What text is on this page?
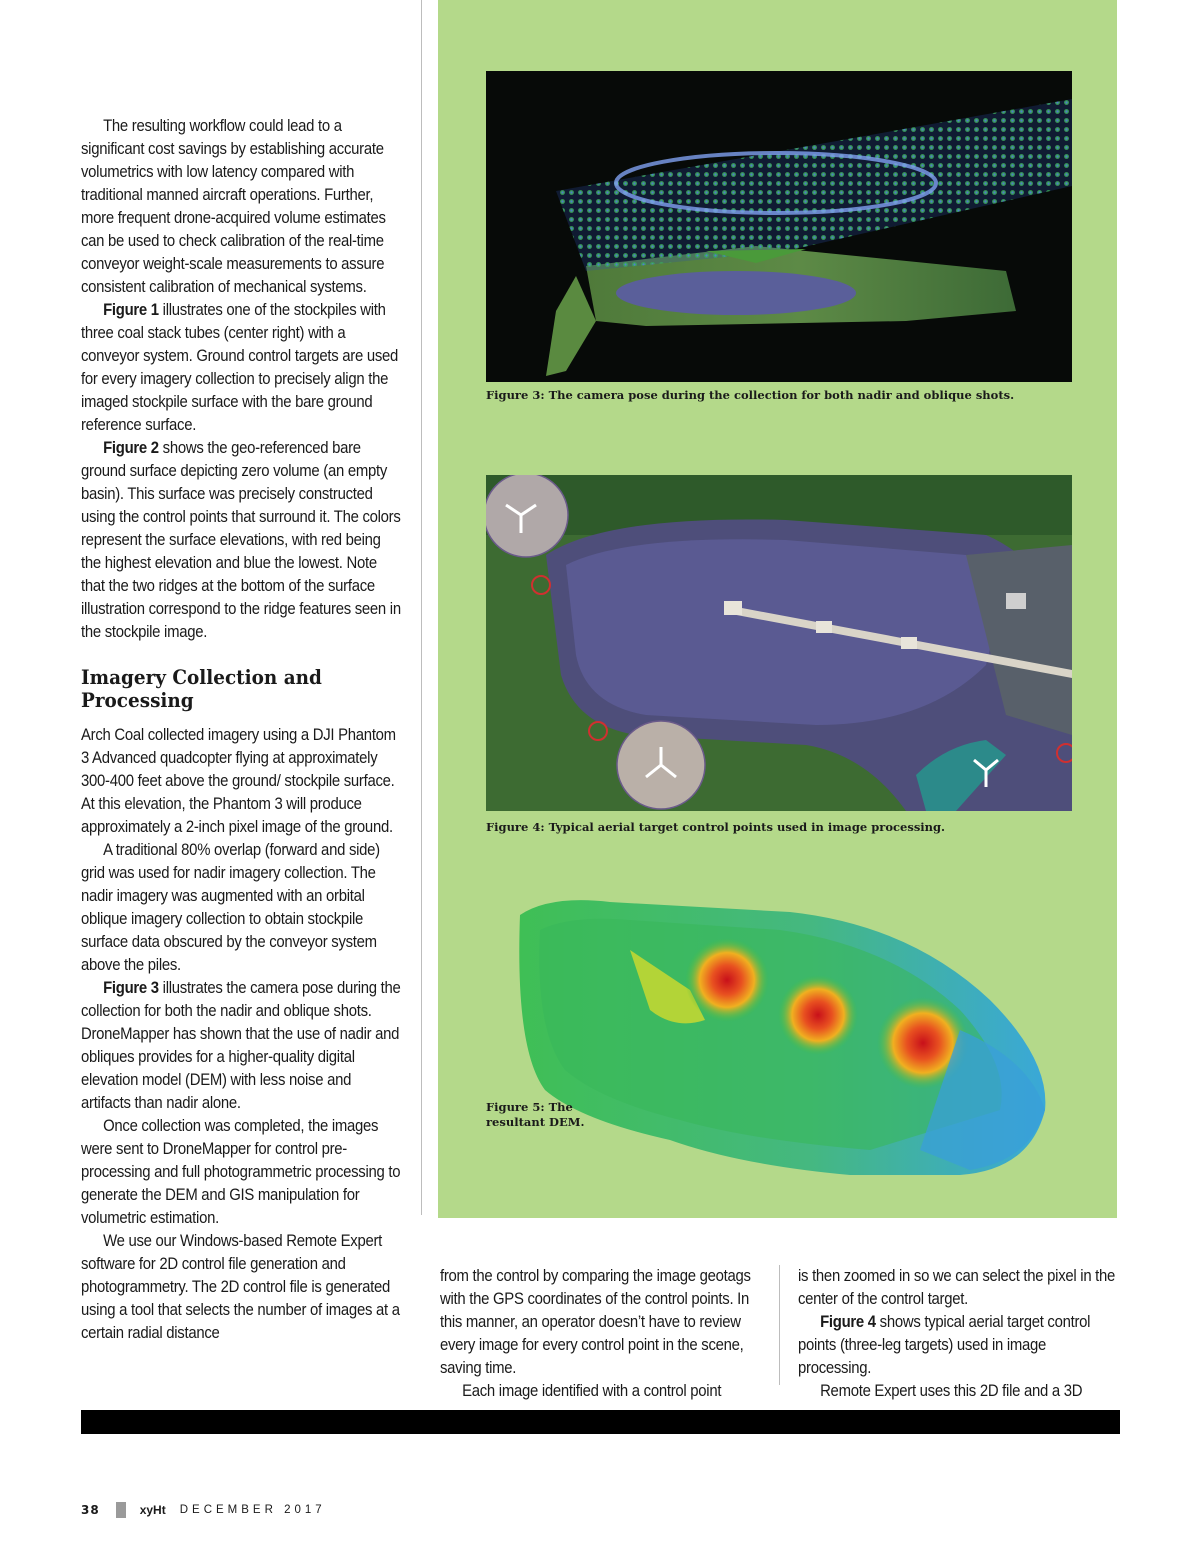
The resulting workflow could lead to a significant cost savings by establishing accurate volumetrics with low latency compared with traditional manned aircraft operations. Further, more frequent drone-acquired volume estimates can be used to check calibration of the real-time conveyor weight-scale measurements to assure consistent calibration of mechanical systems.

Figure 1 illustrates one of the stockpiles with three coal stack tubes (center right) with a conveyor system. Ground control targets are used for every imagery collection to precisely align the imaged stockpile surface with the bare ground reference surface.

Figure 2 shows the geo-referenced bare ground surface depicting zero volume (an empty basin). This surface was precisely constructed using the control points that surround it. The colors represent the surface elevations, with red being the highest elevation and blue the lowest. Note that the two ridges at the bottom of the surface illustration correspond to the ridge features seen in the stockpile image.

Imagery Collection and Processing

Arch Coal collected imagery using a DJI Phantom 3 Advanced quadcopter flying at approximately 300-400 feet above the ground/ stockpile surface. At this elevation, the Phantom 3 will produce approximately a 2-inch pixel image of the ground.

A traditional 80% overlap (forward and side) grid was used for nadir imagery collection. The nadir imagery was augmented with an orbital oblique imagery collection to obtain stockpile surface data obscured by the conveyor system above the piles.

Figure 3 illustrates the camera pose during the collection for both the nadir and oblique shots. DroneMapper has shown that the use of nadir and obliques provides for a higher-quality digital elevation model (DEM) with less noise and artifacts than nadir alone.

Once collection was completed, the images were sent to DroneMapper for control pre-processing and full photogrammetric processing to generate the DEM and GIS manipulation for volumetric estimation.

We use our Windows-based Remote Expert software for 2D control file generation and photogrammetry. The 2D control file is generated using a tool that selects the number of images at a certain radial distance

Figure 3: The camera pose during the collection for both nadir and oblique shots.
Figure 4: Typical aerial target control points used in image processing.
Figure 5: The resultant DEM.

from the control by comparing the image geotags with the GPS coordinates of the control points. In this manner, an operator doesn’t have to review every image for every control point in the scene, saving time.

Each image identified with a control point

is then zoomed in so we can select the pixel in the center of the control target.

Figure 4 shows typical aerial target control points (three-leg targets) used in image processing.

Remote Expert uses this 2D file and a 3D

38	xyHt DECEMBER 2017
